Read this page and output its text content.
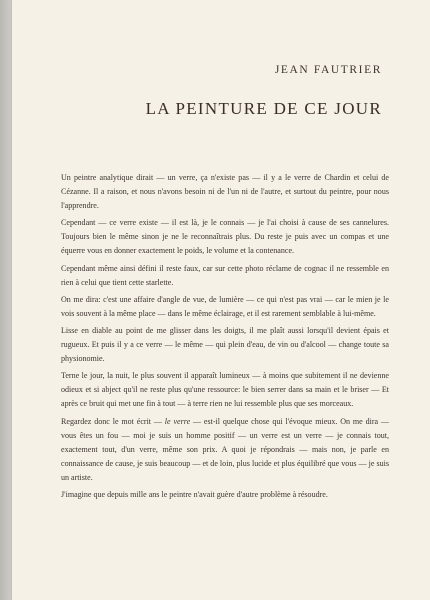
JEAN FAUTRIER
LA PEINTURE DE CE JOUR

Un peintre analytique dirait — un verre, ça n'existe pas — il y a le verre de Chardin et celui de Cézanne. Il a raison, et nous n'avons besoin ni de l'un ni de l'autre, et surtout du peintre, pour nous l'apprendre.

Cependant — ce verre existe — il est là, je le connais — je l'ai choisi à cause de ses cannelures. Toujours bien le même sinon je ne le reconnaîtrais plus. Du reste je puis avec un compas et une équerre vous en donner exactement le poids, le volume et la contenance.

Cependant même ainsi défini il reste faux, car sur cette photo réclame de cognac il ne ressemble en rien à celui que tient cette starlette.

On me dira: c'est une affaire d'angle de vue, de lumière — ce qui n'est pas vrai — car le mien je le vois souvent à la même place — dans le même éclairage, et il est rarement semblable à lui-même.

Lisse en diable au point de me glisser dans les doigts, il me plaît aussi lorsqu'il devient épais et rugueux. Et puis il y a ce verre — le même — qui plein d'eau, de vin ou d'alcool — change toute sa physionomie.

Terne le jour, la nuit, le plus souvent il apparaît lumineux — à moins que subitement il ne devienne odieux et si abject qu'il ne reste plus qu'une ressource: le bien serrer dans sa main et le briser — Et après ce bruit qui met une fin à tout — à terre rien ne lui ressemble plus que ses morceaux.

Regardez donc le mot écrit — le verre — est-il quelque chose qui l'évoque mieux. On me dira — vous êtes un fou — moi je suis un homme positif — un verre est un verre — je connais tout, exactement tout, d'un verre, même son prix. A quoi je répondrais — mais non, je parle en connaissance de cause, je suis beaucoup — et de loin, plus lucide et plus équilibré que vous — je suis un artiste.

J'imagine que depuis mille ans le peintre n'avait guère d'autre problème à résoudre.
